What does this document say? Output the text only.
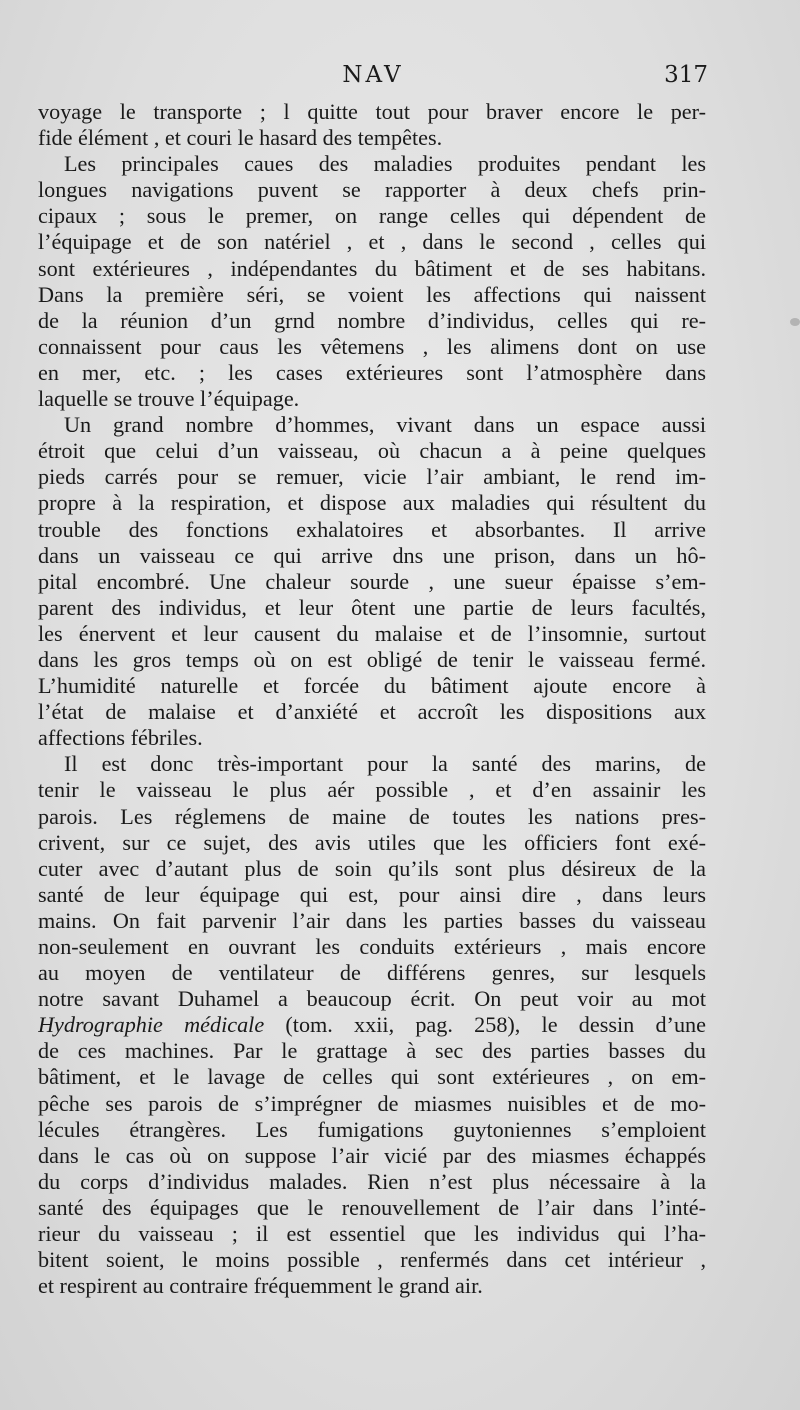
NAV	317
voyage le transporte ; l quitte tout pour braver encore le per-
fide élément , et couri le hasard des tempêtes.
Les principales caues des maladies produites pendant les
longues navigations puvent se rapporter à deux chefs prin-
cipaux ; sous le premer, on range celles qui dépendent de
l’équipage et de son natériel , et , dans le second , celles qui
sont extérieures , indépendantes du bâtiment et de ses habitans.
Dans la première séri, se voient les affections qui naissent
de la réunion d’un grnd nombre d’individus, celles qui re-
connaissent pour caus les vêtemens , les alimens dont on use
en mer, etc. ; les cases extérieures sont l’atmosphère dans
laquelle se trouve l’équipage.
Un grand nombre d’hommes, vivant dans un espace aussi
étroit que celui d’un vaisseau, où chacun a à peine quelques
pieds carrés pour se remuer, vicie l’air ambiant, le rend im-
propre à la respiration, et dispose aux maladies qui résultent du
trouble des fonctions exhalatoires et absorbantes. Il arrive
dans un vaisseau ce qui arrive dns une prison, dans un hô-
pital encombré. Une chaleur sourde , une sueur épaisse s’em-
parent des individus, et leur ôtent une partie de leurs facultés,
les énervent et leur causent du malaise et de l’insomnie, surtout
dans les gros temps où on est obligé de tenir le vaisseau fermé.
L’humidité naturelle et forcée du bâtiment ajoute encore à
l’état de malaise et d’anxiété et accroît les dispositions aux
affections fébriles.
Il est donc très-important pour la santé des marins, de
tenir le vaisseau le plus aér possible , et d’en assainir les
parois. Les réglemens de maine de toutes les nations pres-
crivent, sur ce sujet, des avis utiles que les officiers font exé-
cuter avec d’autant plus de soin qu’ils sont plus désireux de la
santé de leur équipage qui est, pour ainsi dire , dans leurs
mains. On fait parvenir l’air dans les parties basses du vaisseau
non-seulement en ouvrant les conduits extérieurs , mais encore
au moyen de ventilateur de différens genres, sur lesquels
notre savant Duhamel a beaucoup écrit. On peut voir au mot
Hydrographie médicale (tom. xxii, pag. 258), le dessin d’une
de ces machines. Par le grattage à sec des parties basses du
bâtiment, et le lavage de celles qui sont extérieures , on em-
pêche ses parois de s’imprégner de miasmes nuisibles et de mo-
lécules étrangères. Les fumigations guytoniennes s’emploient
dans le cas où on suppose l’air vicié par des miasmes échappés
du corps d’individus malades. Rien n’est plus nécessaire à la
santé des équipages que le renouvellement de l’air dans l’inté-
rieur du vaisseau ; il est essentiel que les individus qui l’ha-
bitent soient, le moins possible , renfermés dans cet intérieur ,
et respirent au contraire fréquemment le grand air.
